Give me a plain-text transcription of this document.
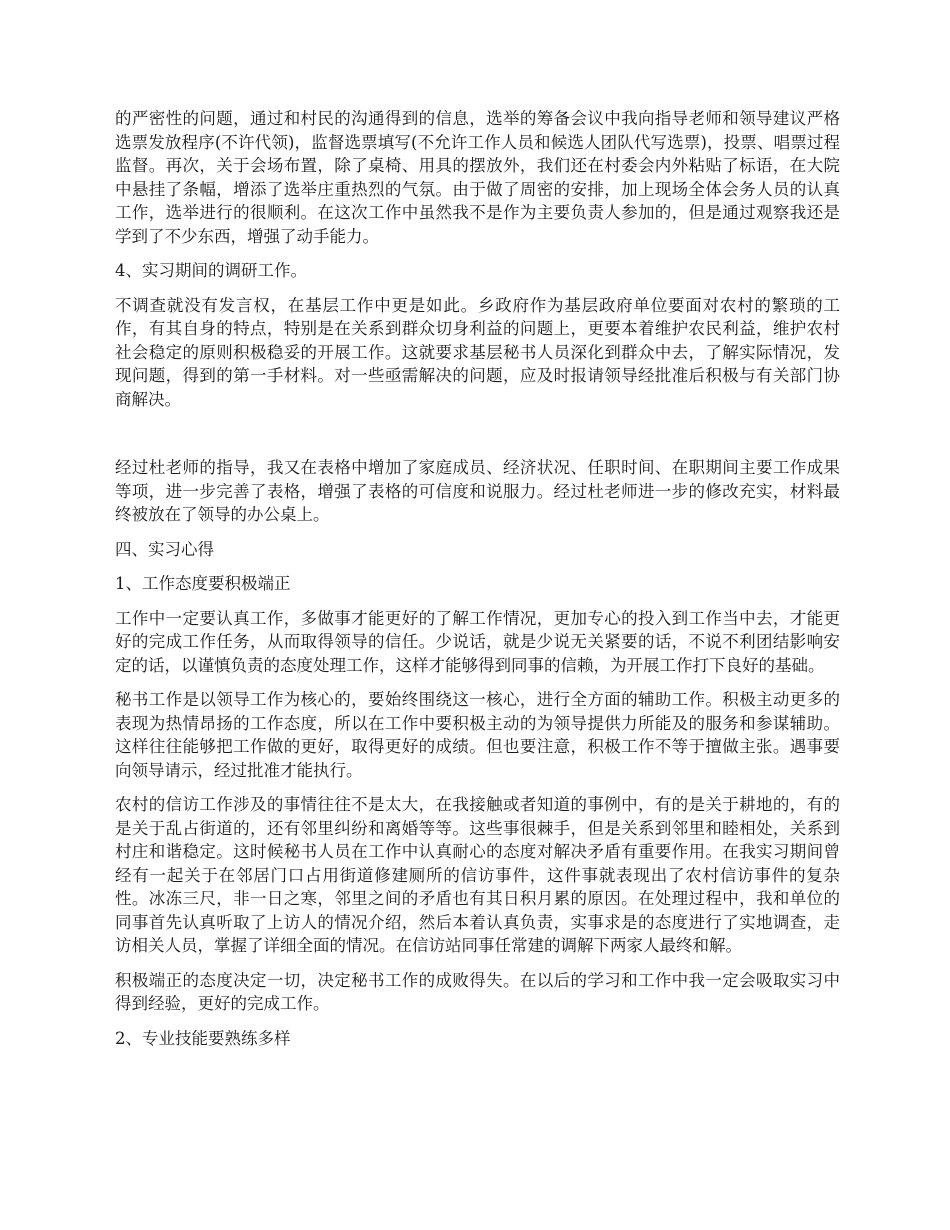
的严密性的问题，通过和村民的沟通得到的信息，选举的筹备会议中我向指导老师和领导建议严格选票发放程序(不许代领)，监督选票填写(不允许工作人员和候选人团队代写选票)，投票、唱票过程监督。再次，关于会场布置，除了桌椅、用具的摆放外，我们还在村委会内外粘贴了标语，在大院中悬挂了条幅，增添了选举庄重热烈的气氛。由于做了周密的安排，加上现场全体会务人员的认真工作，选举进行的很顺利。在这次工作中虽然我不是作为主要负责人参加的，但是通过观察我还是学到了不少东西，增强了动手能力。

4、实习期间的调研工作。

不调查就没有发言权，在基层工作中更是如此。乡政府作为基层政府单位要面对农村的繁琐的工作，有其自身的特点，特别是在关系到群众切身利益的问题上，更要本着维护农民利益，维护农村社会稳定的原则积极稳妥的开展工作。这就要求基层秘书人员深化到群众中去，了解实际情况，发现问题，得到的第一手材料。对一些亟需解决的问题，应及时报请领导经批准后积极与有关部门协商解决。

经过杜老师的指导，我又在表格中增加了家庭成员、经济状况、任职时间、在职期间主要工作成果等项，进一步完善了表格，增强了表格的可信度和说服力。经过杜老师进一步的修改充实，材料最终被放在了领导的办公桌上。

四、实习心得

1、工作态度要积极端正

工作中一定要认真工作，多做事才能更好的了解工作情况，更加专心的投入到工作当中去，才能更好的完成工作任务，从而取得领导的信任。少说话，就是少说无关紧要的话，不说不利团结影响安定的话，以谨慎负责的态度处理工作，这样才能够得到同事的信赖，为开展工作打下良好的基础。

秘书工作是以领导工作为核心的，要始终围绕这一核心，进行全方面的辅助工作。积极主动更多的表现为热情昂扬的工作态度，所以在工作中要积极主动的为领导提供力所能及的服务和参谋辅助。这样往往能够把工作做的更好，取得更好的成绩。但也要注意，积极工作不等于擅做主张。遇事要向领导请示，经过批准才能执行。

农村的信访工作涉及的事情往往不是太大，在我接触或者知道的事例中，有的是关于耕地的，有的是关于乱占街道的，还有邻里纠纷和离婚等等。这些事很棘手，但是关系到邻里和睦相处，关系到村庄和谐稳定。这时候秘书人员在工作中认真耐心的态度对解决矛盾有重要作用。在我实习期间曾经有一起关于在邻居门口占用街道修建厕所的信访事件，这件事就表现出了农村信访事件的复杂性。冰冻三尺，非一日之寒，邻里之间的矛盾也有其日积月累的原因。在处理过程中，我和单位的同事首先认真听取了上访人的情况介绍，然后本着认真负责，实事求是的态度进行了实地调查，走访相关人员，掌握了详细全面的情况。在信访站同事任常建的调解下两家人最终和解。

积极端正的态度决定一切，决定秘书工作的成败得失。在以后的学习和工作中我一定会吸取实习中得到经验，更好的完成工作。

2、专业技能要熟练多样
